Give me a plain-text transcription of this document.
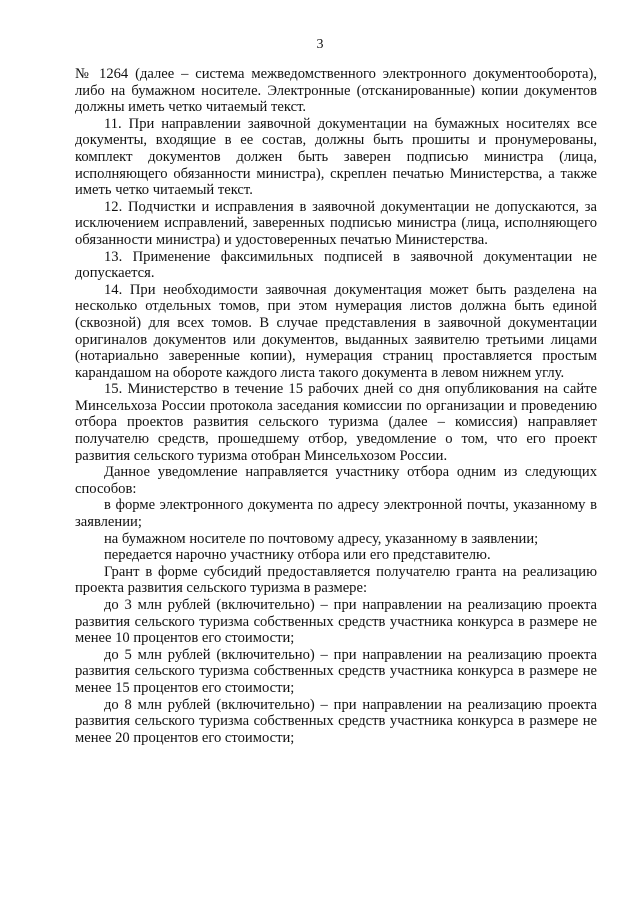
3

№ 1264 (далее – система межведомственного электронного документооборота), либо на бумажном носителе. Электронные (отсканированные) копии документов должны иметь четко читаемый текст.

11. При направлении заявочной документации на бумажных носителях все документы, входящие в ее состав, должны быть прошиты и пронумерованы, комплект документов должен быть заверен подписью министра (лица, исполняющего обязанности министра), скреплен печатью Министерства, а также иметь четко читаемый текст.

12. Подчистки и исправления в заявочной документации не допускаются, за исключением исправлений, заверенных подписью министра (лица, исполняющего обязанности министра) и удостоверенных печатью Министерства.

13. Применение факсимильных подписей в заявочной документации не допускается.

14. При необходимости заявочная документация может быть разделена на несколько отдельных томов, при этом нумерация листов должна быть единой (сквозной) для всех томов. В случае представления в заявочной документации оригиналов документов или документов, выданных заявителю третьими лицами (нотариально заверенные копии), нумерация страниц проставляется простым карандашом на обороте каждого листа такого документа в левом нижнем углу.

15. Министерство в течение 15 рабочих дней со дня опубликования на сайте Минсельхоза России протокола заседания комиссии по организации и проведению отбора проектов развития сельского туризма (далее – комиссия) направляет получателю средств, прошедшему отбор, уведомление о том, что его проект развития сельского туризма отобран Минсельхозом России.

Данное уведомление направляется участнику отбора одним из следующих способов:

в форме электронного документа по адресу электронной почты, указанному в заявлении;

на бумажном носителе по почтовому адресу, указанному в заявлении;

передается нарочно участнику отбора или его представителю.

Грант в форме субсидий предоставляется получателю гранта на реализацию проекта развития сельского туризма в размере:

до 3 млн рублей (включительно) – при направлении на реализацию проекта развития сельского туризма собственных средств участника конкурса в размере не менее 10 процентов его стоимости;

до 5 млн рублей (включительно) – при направлении на реализацию проекта развития сельского туризма собственных средств участника конкурса в размере не менее 15 процентов его стоимости;

до 8 млн рублей (включительно) – при направлении на реализацию проекта развития сельского туризма собственных средств участника конкурса в размере не менее 20 процентов его стоимости;
